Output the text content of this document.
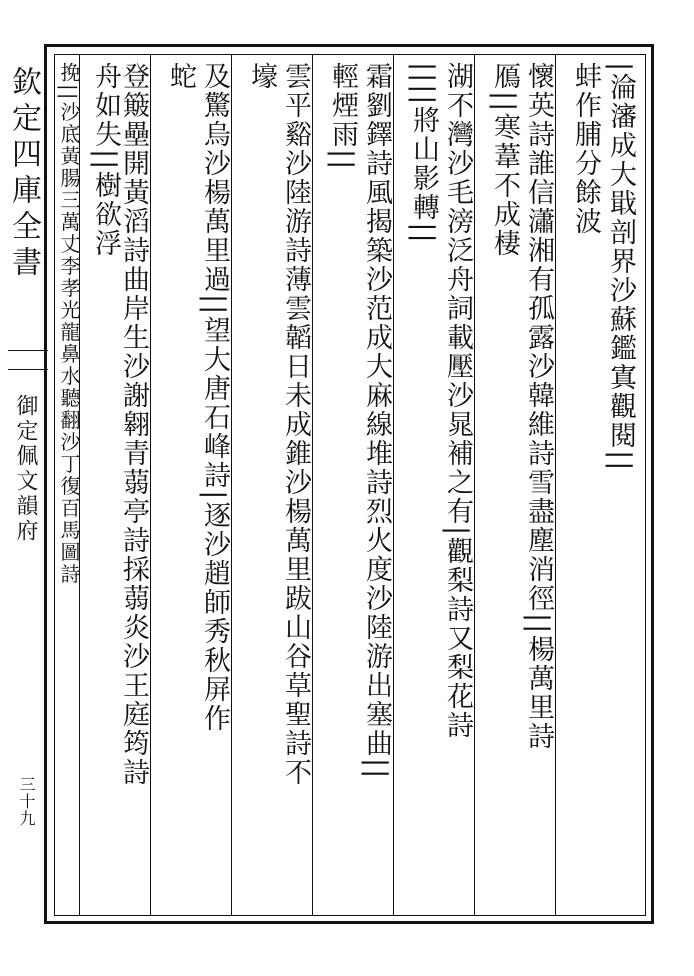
欽定四庫全書
御定佩文韻府
三十九
|淪瀋成大戢剖界沙蘇鑑寘觀閱||
蚌作脯分餘波
懷英詩誰信瀟湘有孤露沙韓維詩雪盡塵消徑||楊萬里詩
鴈||寒葦不成棲
湖不灣沙毛滂泛舟詞載壓沙晁補之有|觀梨詩又梨花詩
||||將山影轉||
霜劉鐸詩風揭築沙范成大麻線堆詩烈火度沙陸游出塞曲||
輕煙雨||
雲平谿沙陸游詩薄雲韜日未成錐沙楊萬里跋山谷草聖詩不
壕
及驚烏沙楊萬里過||望大唐石峰詩|逐沙趙師秀秋屏作
蛇
登簸壘開黃滔詩曲岸生沙謝翱青蒻亭詩採蒻炎沙王庭筠詩
舟如失||樹欲浮
挽||沙底黃腸三萬丈李孝光龍鼻水聽翻沙丁復百馬圖詩
